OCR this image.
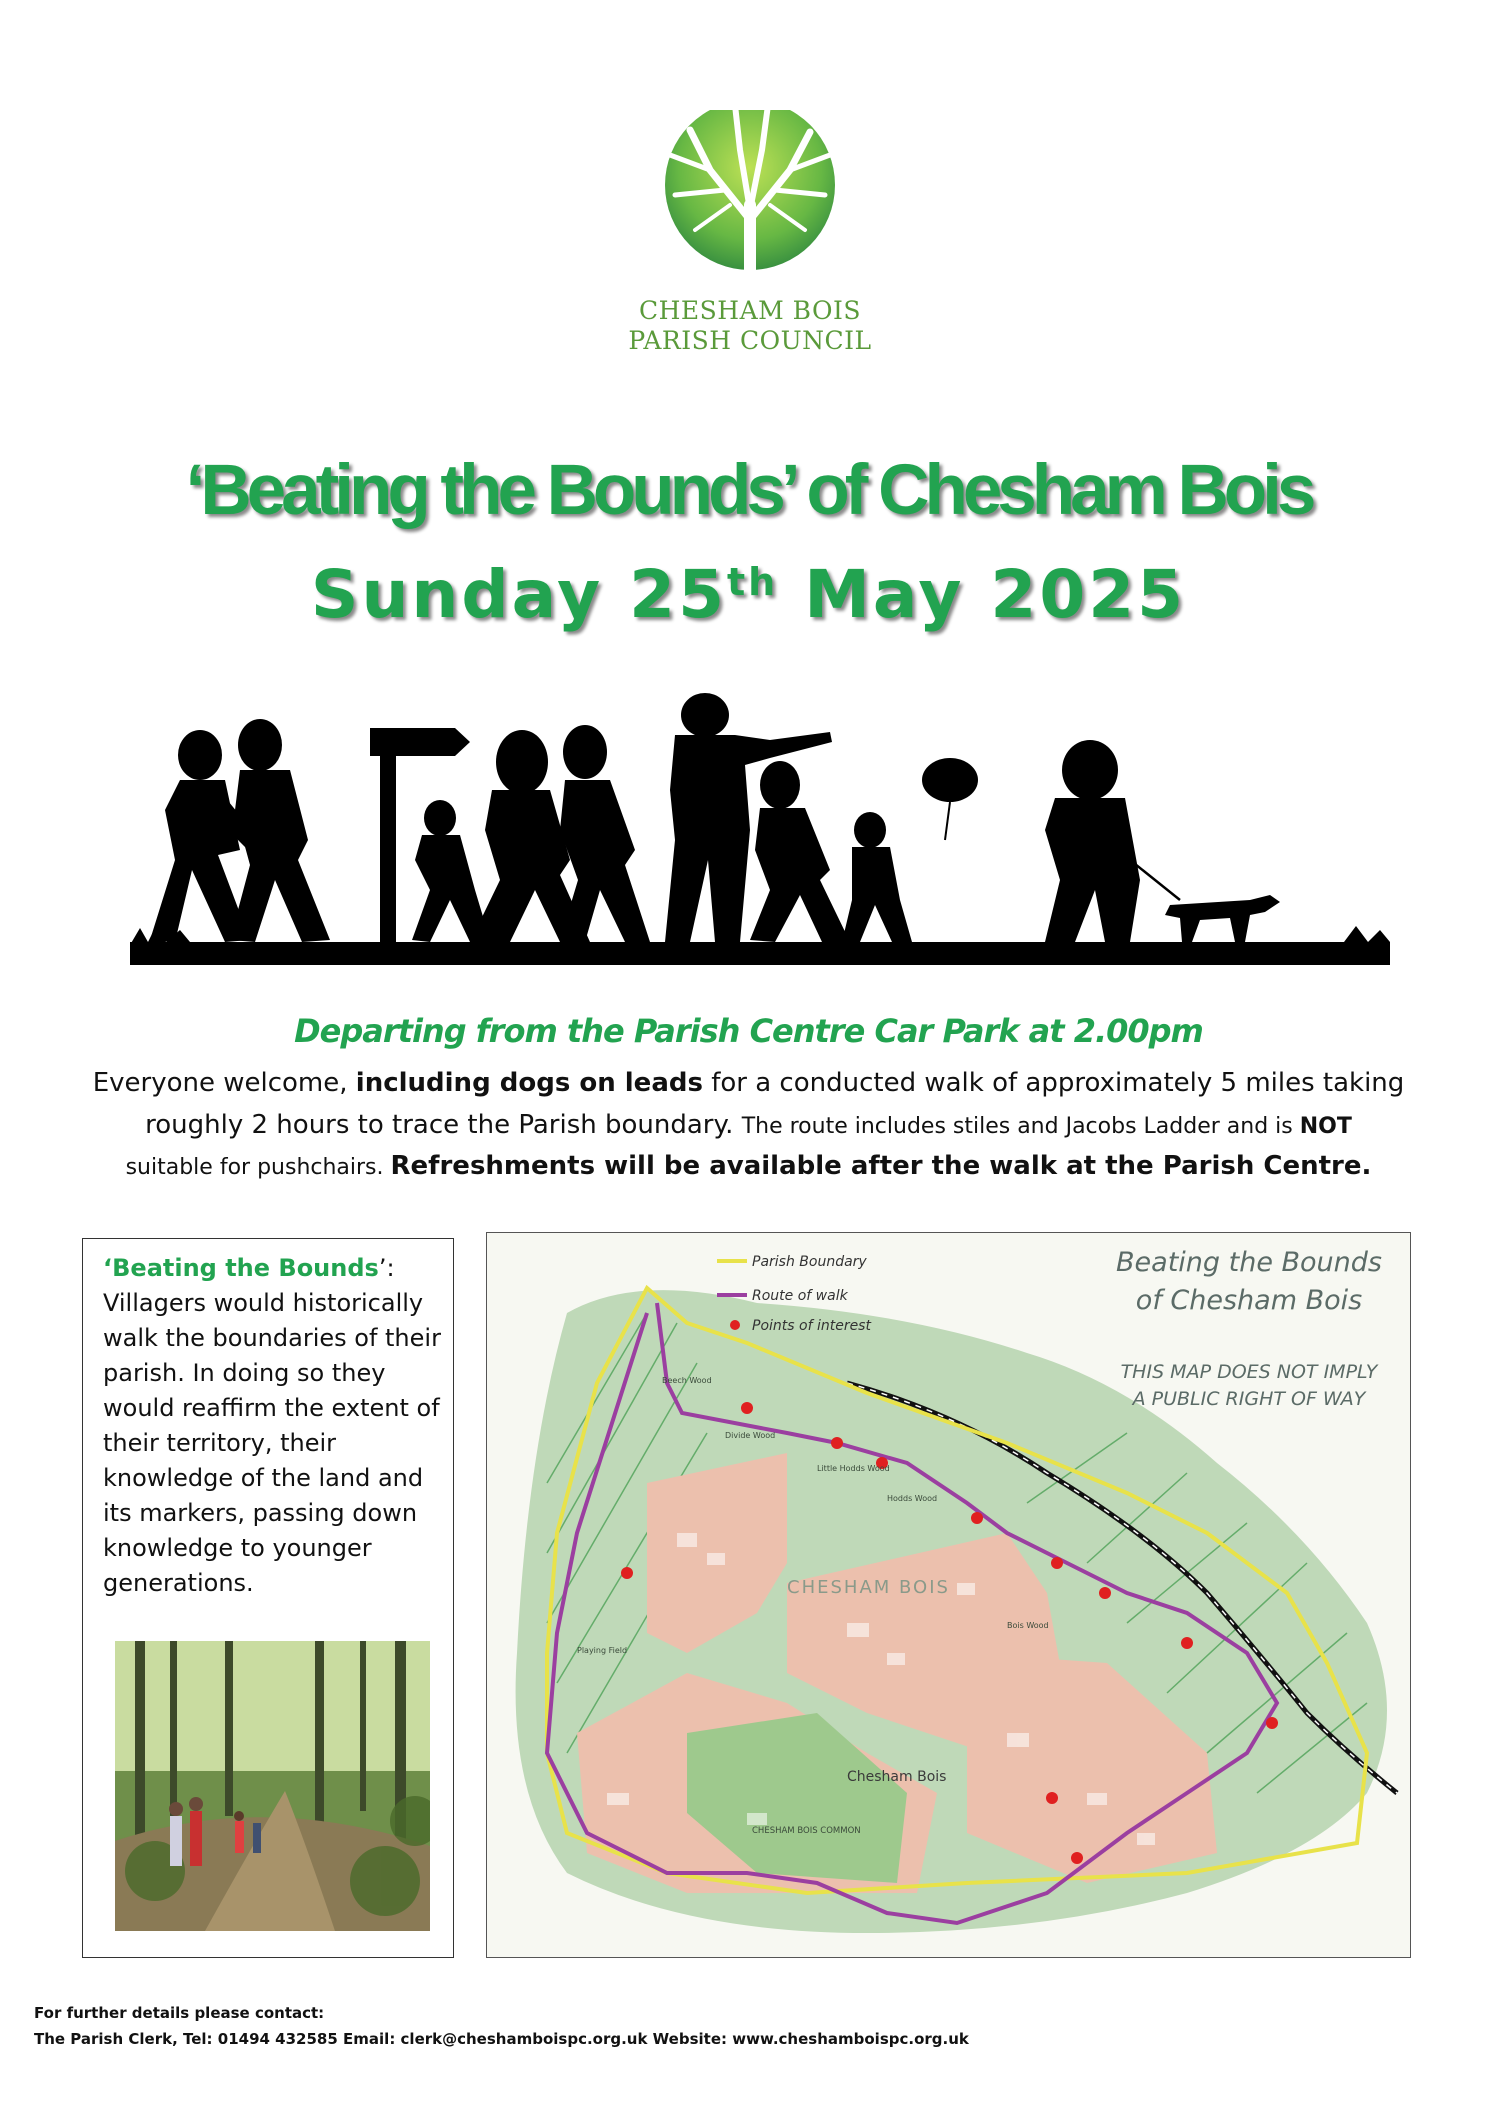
CHESHAM BOIS
PARISH COUNCIL
‘Beating the Bounds’ of Chesham Bois
Sunday 25th May 2025
Departing from the Parish Centre Car Park at 2.00pm
Everyone welcome, including dogs on leads for a conducted walk of approximately 5 miles taking
roughly 2 hours to trace the Parish boundary. The route includes stiles and Jacobs Ladder and is NOT
suitable for pushchairs. Refreshments will be available after the walk at the Parish Centre.
‘Beating the Bounds’: Villagers would historically walk the boundaries of their parish. In doing so they would reaffirm the extent of their territory, their knowledge of the land and its markers, passing down knowledge to younger generations.
Divide Wood
Little Hodds Wood
Hodds Wood
Beech Wood
Bois Wood
Playing Field
CHESHAM BOIS COMMON
CHESHAM BOIS
Chesham Bois
Parish Boundary
Route of walk
Points of interest
Beating the Bounds
of Chesham Bois
THIS MAP DOES NOT IMPLY
A PUBLIC RIGHT OF WAY
For further details please contact:
The Parish Clerk, Tel: 01494 432585 Email: clerk@cheshamboispc.org.uk Website: www.cheshamboispc.org.uk
